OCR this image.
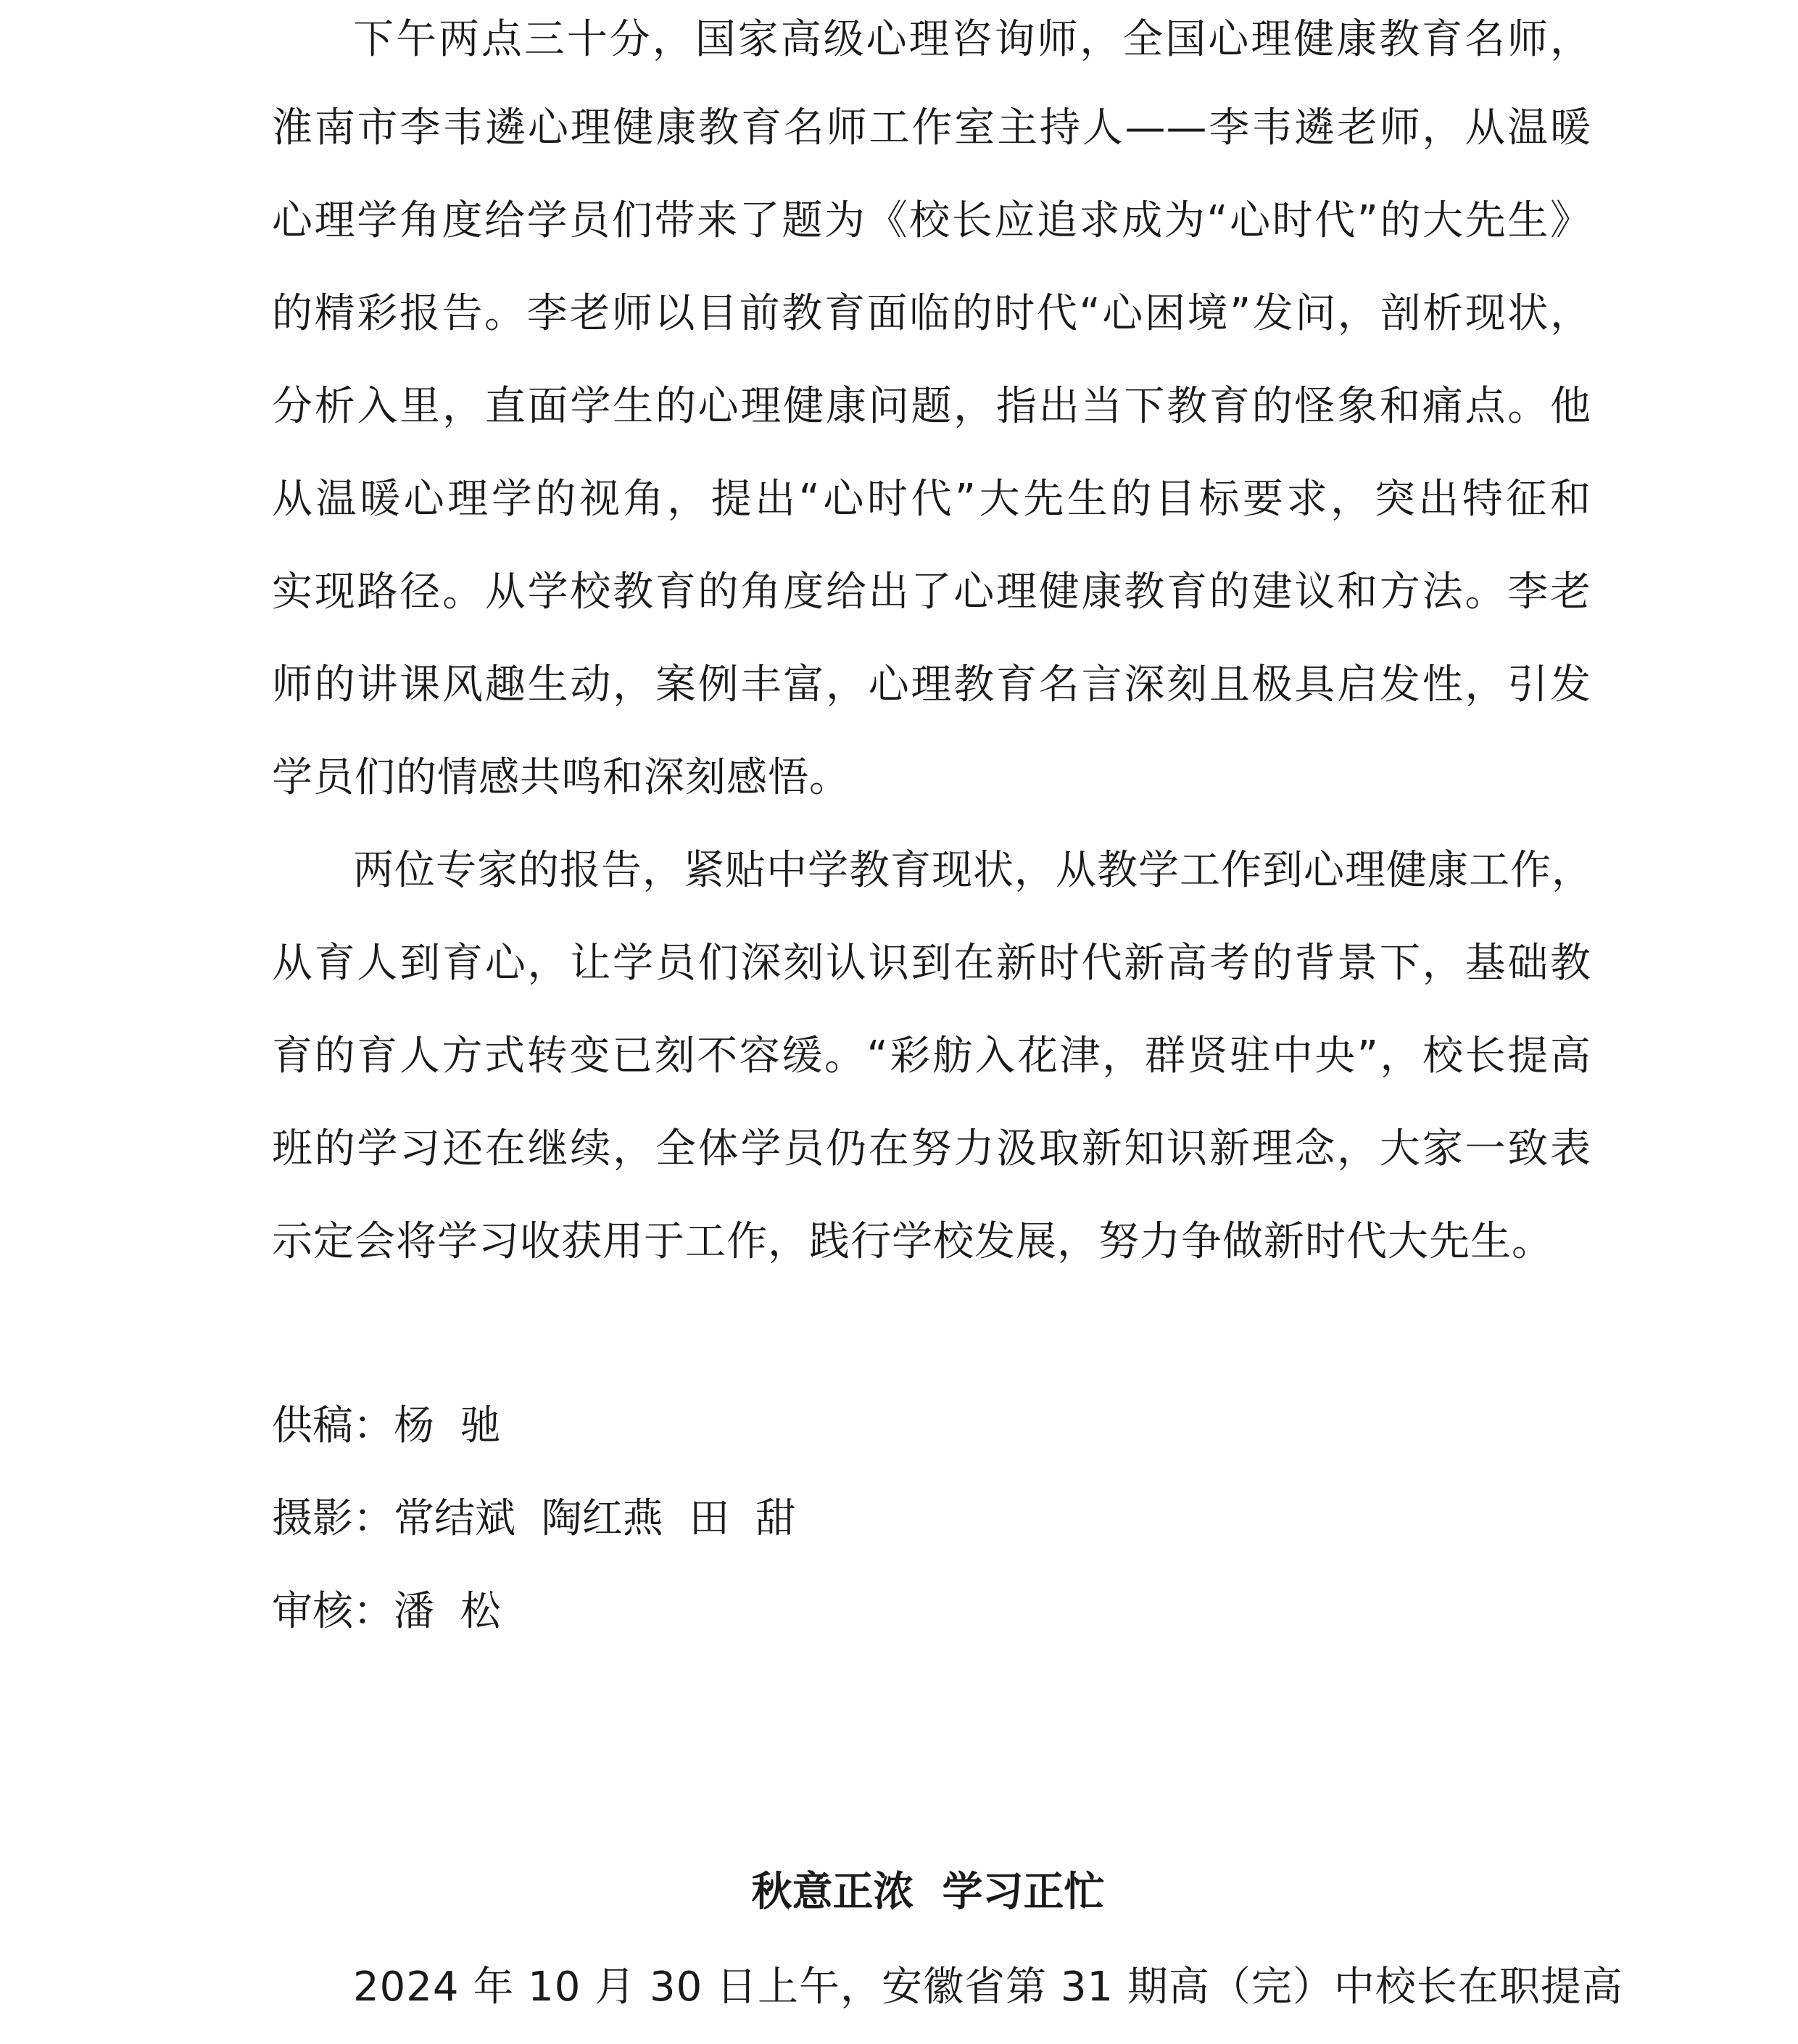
下午两点三十分，国家高级心理咨询师，全国心理健康教育名师，
淮南市李韦遴心理健康教育名师工作室主持人——李韦遴老师，从温暖
心理学角度给学员们带来了题为《校长应追求成为“心时代”的大先生》
的精彩报告。李老师以目前教育面临的时代“心困境”发问，剖析现状，
分析入里，直面学生的心理健康问题，指出当下教育的怪象和痛点。他
从温暖心理学的视角，提出“心时代”大先生的目标要求，突出特征和
实现路径。从学校教育的角度给出了心理健康教育的建议和方法。李老
师的讲课风趣生动，案例丰富，心理教育名言深刻且极具启发性，引发
学员们的情感共鸣和深刻感悟。
两位专家的报告，紧贴中学教育现状，从教学工作到心理健康工作，
从育人到育心，让学员们深刻认识到在新时代新高考的背景下，基础教
育的育人方式转变已刻不容缓。“彩舫入花津，群贤驻中央”，校长提高
班的学习还在继续，全体学员仍在努力汲取新知识新理念，大家一致表
示定会将学习收获用于工作，践行学校发展，努力争做新时代大先生。
供稿：杨  驰
摄影：常结斌  陶红燕  田  甜
审核：潘  松
秋意正浓  学习正忙
2024 年 10 月 30 日上午，安徽省第 31 期高（完）中校长在职提高
